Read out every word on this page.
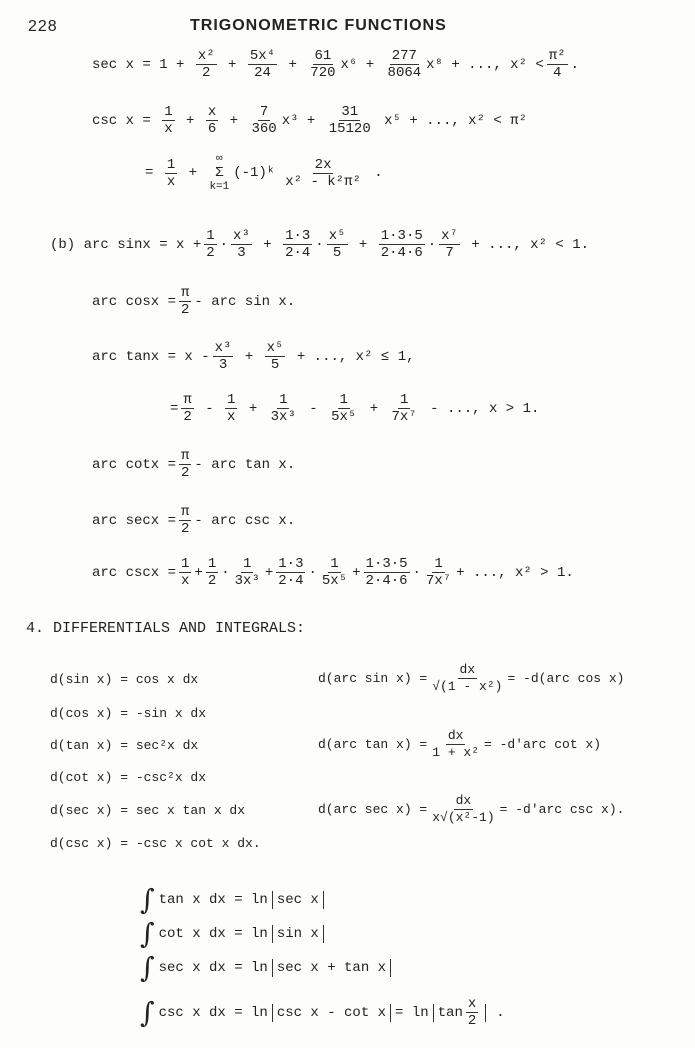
228	TRIGONOMETRIC FUNCTIONS
$\sec x = 1 + \frac{\text{x²}}{2} + \frac{\text{5x⁴}}{24} + \frac{61}{720} x^6 + \frac{277}{8064} x^8$
+ ..., $x^2 < \frac{\text{π²}}{4}$ .
$\csc x = \frac{1}{x} + \frac{x}{6} + \frac{7}{360} x^3 + \frac{31}{15120}$
x⁵
+ ..., x² < π²
= $\frac{1}{x}$
+

∞
Σ
k=1
(-1)ᵏ $\frac{2x}{\text{x² - k²π²}}$
.
(b) arc $\sin x = x + \frac{1}{2} \cdot \frac{\text{x³}}{3} + \frac{1\cdot 3}{2\cdot 4} \cdot \frac{\text{x⁵}}{5} + \frac{1\cdot 3\cdot 5}{2\cdot 4\cdot 6} \cdot \frac{\text{x⁷}}{7}$
+ ..., x² < 1.
arc $\cos x = \frac{\pi}{2}$ - arc sin x.
arc $\tan x = x - \frac{\text{x³}}{3} + \frac{\text{x⁵}}{5}$
+ ..., x² ≤ 1,
= $\frac{\pi}{2} - \frac{1}{x} + \frac{1}{\text{3x³}} - \frac{1}{\text{5x⁵}} + \frac{1}{\text{7x⁷}}$
- ..., x > 1.
arc $\cot x = \frac{\pi}{2}$ - arc tan x.
arc $\sec x = \frac{\pi}{2}$ - arc csc x.
arc $\csc x = \frac{1}{x} + \frac{1}{2} \cdot \frac{1}{\text{3x³}} + \frac{1\cdot 3}{2\cdot 4} \cdot \frac{1}{\text{5x⁵}} + \frac{1\cdot 3\cdot 5}{2\cdot 4\cdot 6} \cdot \frac{1}{\text{7x⁷}}$ + ..., x² > 1.
4. DIFFERENTIALS AND INTEGRALS:
d(sin x) = cos x dx
d(cos x) = -sin x dx
d(tan x) = sec²x dx
d(cot x) = -csc²x dx
d(sec x) = sec x tan x dx
d(csc x) = -csc x cot x dx.
d(arc $\sin x) = \frac{dx}{\text{√(1 - x²)}} = -d(arc$ cos x)
d(arc $\tan x) = \frac{dx}{\text{1 + x²}} = -d'arc$ cot x)
d(arc $\sec x) = \frac{dx}{\text{x√(x²-1)}} = -d'arc$ csc x).
∫ tan x dx = ln sec x
∫ cot x dx = ln sin x
∫ sec x dx = ln sec x + tan x
∫ csc x dx = $\ln \csc x - \cot x = \ln \tan \frac{x}{2}$ .
